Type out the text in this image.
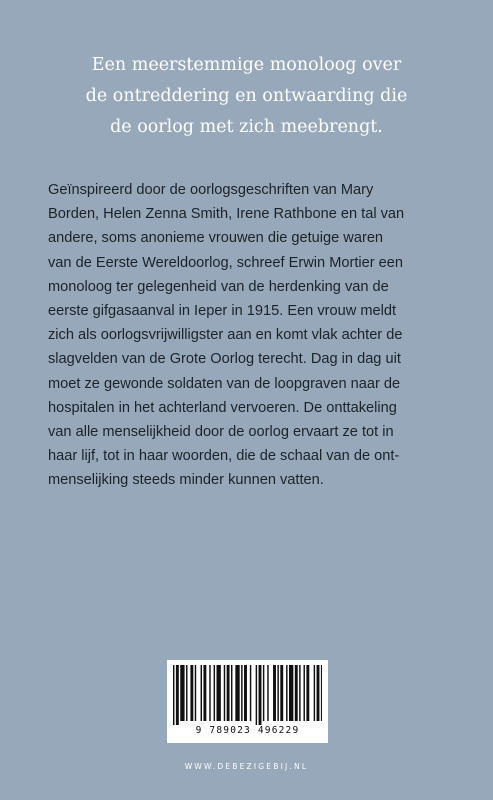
Een meerstemmige monoloog over
de ontreddering en ontwaarding die
de oorlog met zich meebrengt.
Geïnspireerd door de oorlogsgeschriften van Mary
Borden, Helen Zenna Smith, Irene Rathbone en tal van
andere, soms anonieme vrouwen die getuige waren
van de Eerste Wereldoorlog, schreef Erwin Mortier een
monoloog ter gelegenheid van de herdenking van de
eerste gifgasaanval in Ieper in 1915. Een vrouw meldt
zich als oorlogsvrijwilligster aan en komt vlak achter de
slagvelden van de Grote Oorlog terecht. Dag in dag uit
moet ze gewonde soldaten van de loopgraven naar de
hospitalen in het achterland vervoeren. De onttakeling
van alle menselijkheid door de oorlog ervaart ze tot in
haar lijf, tot in haar woorden, die de schaal van de ont-
menselijking steeds minder kunnen vatten.
9 789023 496229
WWW.DEBEZIGEBIJ.NL
